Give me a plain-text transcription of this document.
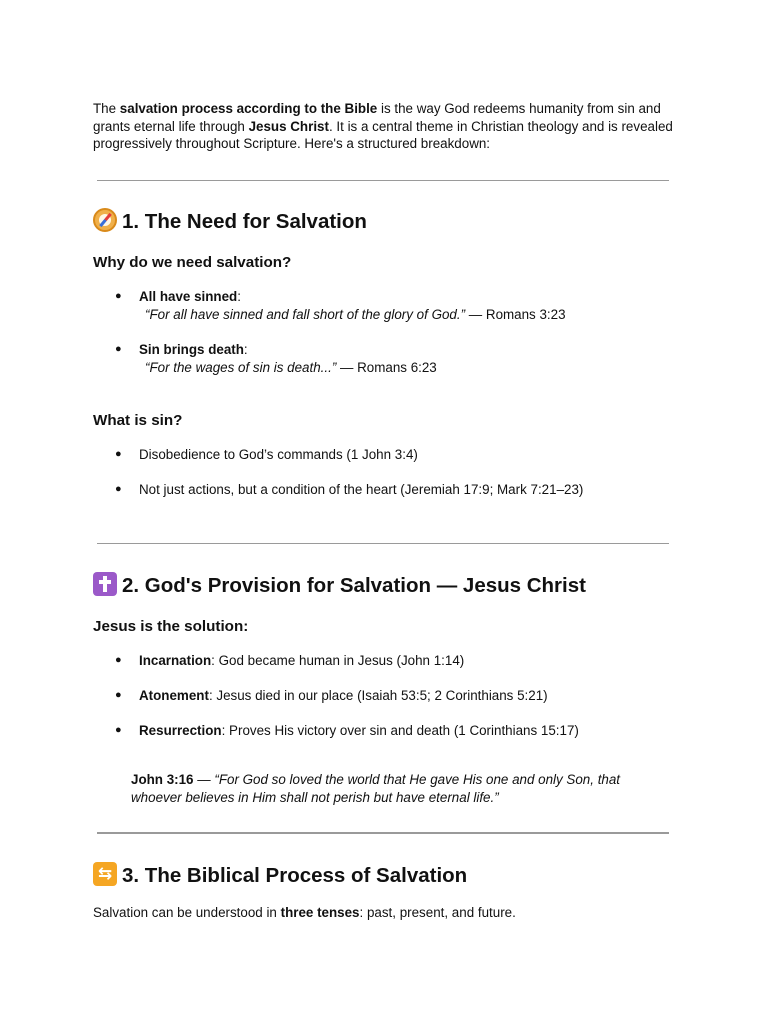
The salvation process according to the Bible is the way God redeems humanity from sin and grants eternal life through Jesus Christ. It is a central theme in Christian theology and is revealed progressively throughout Scripture. Here's a structured breakdown:

1. The Need for Salvation
Why do we need salvation?
● All have sinned:
“For all have sinned and fall short of the glory of God.” — Romans 3:23
● Sin brings death:
“For the wages of sin is death...” — Romans 6:23
What is sin?
● Disobedience to God’s commands (1 John 3:4)
● Not just actions, but a condition of the heart (Jeremiah 17:9; Mark 7:21–23)
2. God's Provision for Salvation — Jesus Christ
Jesus is the solution:
● Incarnation: God became human in Jesus (John 1:14)
● Atonement: Jesus died in our place (Isaiah 53:5; 2 Corinthians 5:21)
● Resurrection: Proves His victory over sin and death (1 Corinthians 15:17)
John 3:16 — “For God so loved the world that He gave His one and only Son, that whoever believes in Him shall not perish but have eternal life.”
⇆3. The Biblical Process of Salvation

Salvation can be understood in three tenses: past, present, and future.
